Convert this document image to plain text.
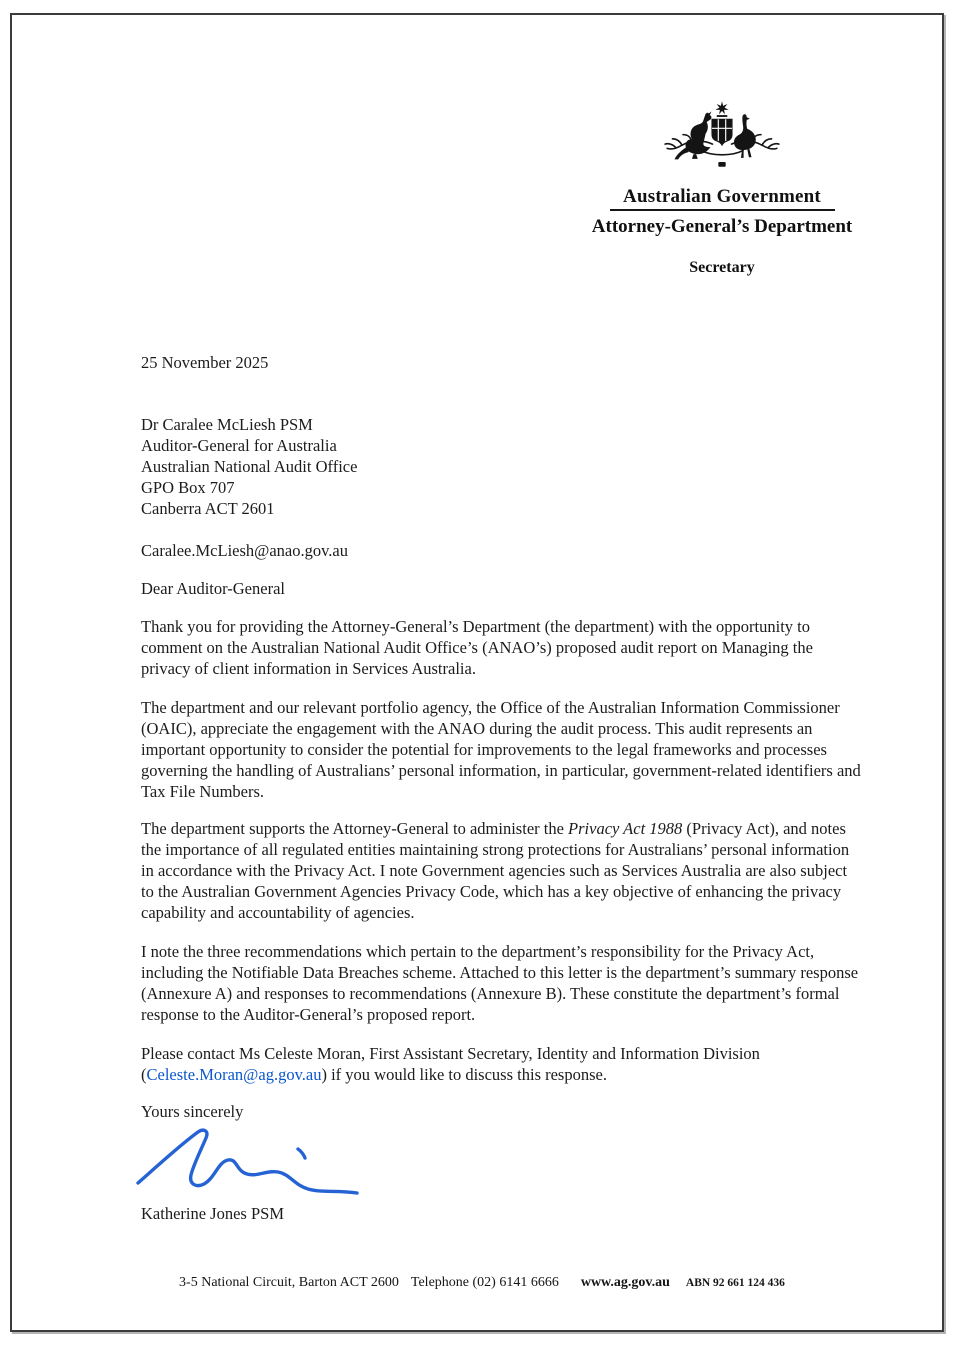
Australian Government
Attorney-General’s Department
Secretary
25 November 2025
Dr Caralee McLiesh PSM
Auditor-General for Australia
Australian National Audit Office
GPO Box 707
Canberra ACT 2601
Caralee.McLiesh@anao.gov.au
Dear Auditor-General

Thank you for providing the Attorney-General’s Department (the department) with the opportunity to comment on the Australian National Audit Office’s (ANAO’s) proposed audit report on Managing the privacy of client information in Services Australia.

The department and our relevant portfolio agency, the Office of the Australian Information Commissioner (OAIC), appreciate the engagement with the ANAO during the audit process. This audit represents an important opportunity to consider the potential for improvements to the legal frameworks and processes governing the handling of Australians’ personal information, in particular, government-related identifiers and Tax File Numbers.

The department supports the Attorney-General to administer the Privacy Act 1988 (Privacy Act), and notes the importance of all regulated entities maintaining strong protections for Australians’ personal information in accordance with the Privacy Act. I note Government agencies such as Services Australia are also subject to the Australian Government Agencies Privacy Code, which has a key objective of enhancing the privacy capability and accountability of agencies.

I note the three recommendations which pertain to the department’s responsibility for the Privacy Act, including the Notifiable Data Breaches scheme. Attached to this letter is the department’s summary response (Annexure A) and responses to recommendations (Annexure B). These constitute the department’s formal response to the Auditor-General’s proposed report.

Please contact Ms Celeste Moran, First Assistant Secretary, Identity and Information Division (Celeste.Moran@ag.gov.au) if you would like to discuss this response.

Yours sincerely
Katherine Jones PSM
3-5 National Circuit, Barton ACT 2600 Telephone (02) 6141 6666 www.ag.gov.au ABN 92 661 124 436
